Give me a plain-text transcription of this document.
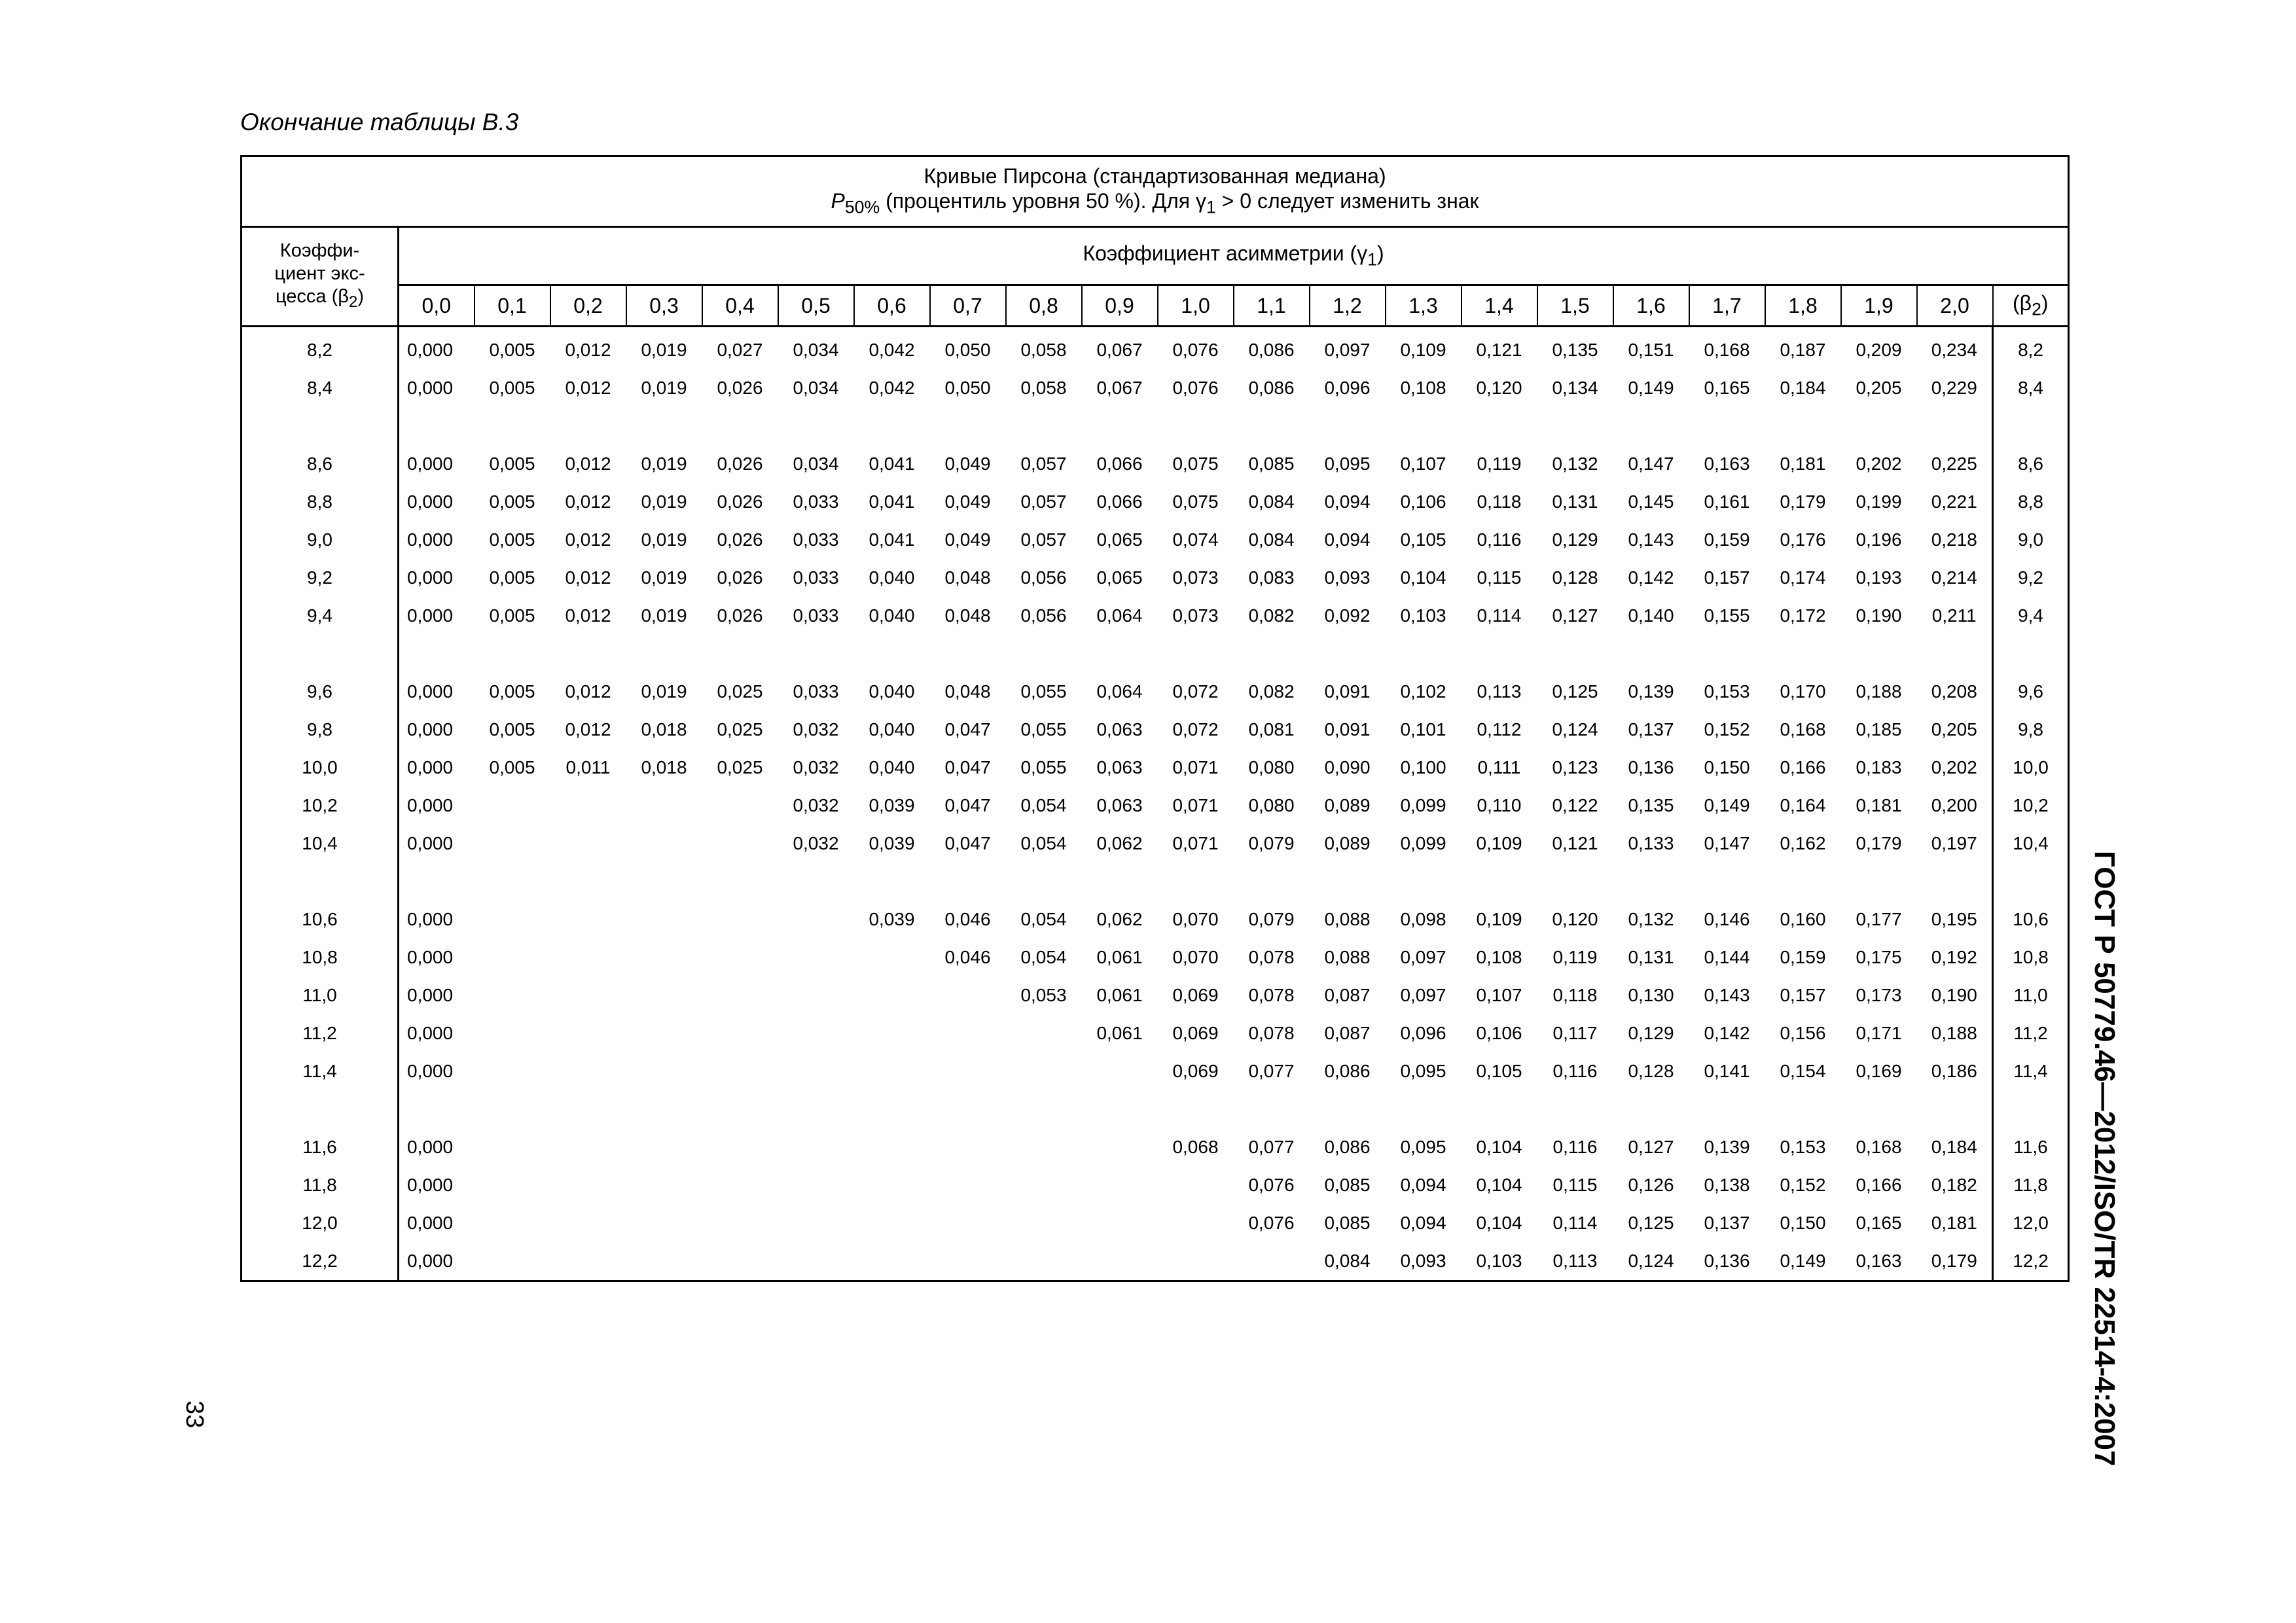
Окончание таблицы В.3
Кривые Пирсона (стандартизованная медиана)
$P_{50\%}$ (процентиль уровня 50 %). Для $\gamma_1 > 0$ следует изменить знак																						

Коэффи-
циент экс-
цесса $(\beta_2)$	Коэффициент асимметрии $(\gamma_1)$																					
	0,0	0,1	0,2	0,3	0,4	0,5	0,6	0,7	0,8	0,9	1,0	1,1	1,2	1,3	1,4	1,5	1,6	1,7	1,8	1,9	2,0	$(\beta_2)$

8,2	0,000	0,005	0,012	0,019	0,027	0,034	0,042	0,050	0,058	0,067	0,076	0,086	0,097	0,109	0,121	0,135	0,151	0,168	0,187	0,209	0,234	8,2
8,4	0,000	0,005	0,012	0,019	0,026	0,034	0,042	0,050	0,058	0,067	0,076	0,086	0,096	0,108	0,120	0,134	0,149	0,165	0,184	0,205	0,229	8,4

8,6	0,000	0,005	0,012	0,019	0,026	0,034	0,041	0,049	0,057	0,066	0,075	0,085	0,095	0,107	0,119	0,132	0,147	0,163	0,181	0,202	0,225	8,6
8,8	0,000	0,005	0,012	0,019	0,026	0,033	0,041	0,049	0,057	0,066	0,075	0,084	0,094	0,106	0,118	0,131	0,145	0,161	0,179	0,199	0,221	8,8
9,0	0,000	0,005	0,012	0,019	0,026	0,033	0,041	0,049	0,057	0,065	0,074	0,084	0,094	0,105	0,116	0,129	0,143	0,159	0,176	0,196	0,218	9,0
9,2	0,000	0,005	0,012	0,019	0,026	0,033	0,040	0,048	0,056	0,065	0,073	0,083	0,093	0,104	0,115	0,128	0,142	0,157	0,174	0,193	0,214	9,2
9,4	0,000	0,005	0,012	0,019	0,026	0,033	0,040	0,048	0,056	0,064	0,073	0,082	0,092	0,103	0,114	0,127	0,140	0,155	0,172	0,190	0,211	9,4

9,6	0,000	0,005	0,012	0,019	0,025	0,033	0,040	0,048	0,055	0,064	0,072	0,082	0,091	0,102	0,113	0,125	0,139	0,153	0,170	0,188	0,208	9,6
9,8	0,000	0,005	0,012	0,018	0,025	0,032	0,040	0,047	0,055	0,063	0,072	0,081	0,091	0,101	0,112	0,124	0,137	0,152	0,168	0,185	0,205	9,8
10,0	0,000	0,005	0,011	0,018	0,025	0,032	0,040	0,047	0,055	0,063	0,071	0,080	0,090	0,100	0,111	0,123	0,136	0,150	0,166	0,183	0,202	10,0
10,2	0,000					0,032	0,039	0,047	0,054	0,063	0,071	0,080	0,089	0,099	0,110	0,122	0,135	0,149	0,164	0,181	0,200	10,2
10,4	0,000					0,032	0,039	0,047	0,054	0,062	0,071	0,079	0,089	0,099	0,109	0,121	0,133	0,147	0,162	0,179	0,197	10,4

10,6	0,000						0,039	0,046	0,054	0,062	0,070	0,079	0,088	0,098	0,109	0,120	0,132	0,146	0,160	0,177	0,195	10,6
10,8	0,000							0,046	0,054	0,061	0,070	0,078	0,088	0,097	0,108	0,119	0,131	0,144	0,159	0,175	0,192	10,8
11,0	0,000								0,053	0,061	0,069	0,078	0,087	0,097	0,107	0,118	0,130	0,143	0,157	0,173	0,190	11,0
11,2	0,000									0,061	0,069	0,078	0,087	0,096	0,106	0,117	0,129	0,142	0,156	0,171	0,188	11,2
11,4	0,000										0,069	0,077	0,086	0,095	0,105	0,116	0,128	0,141	0,154	0,169	0,186	11,4

11,6	0,000										0,068	0,077	0,086	0,095	0,104	0,116	0,127	0,139	0,153	0,168	0,184	11,6
11,8	0,000											0,076	0,085	0,094	0,104	0,115	0,126	0,138	0,152	0,166	0,182	11,8
12,0	0,000											0,076	0,085	0,094	0,104	0,114	0,125	0,137	0,150	0,165	0,181	12,0
12,2	0,000												0,084	0,093	0,103	0,113	0,124	0,136	0,149	0,163	0,179	12,2 ГОСТ Р 50779.46—2012/ISO/TR 22514-4:2007
33
